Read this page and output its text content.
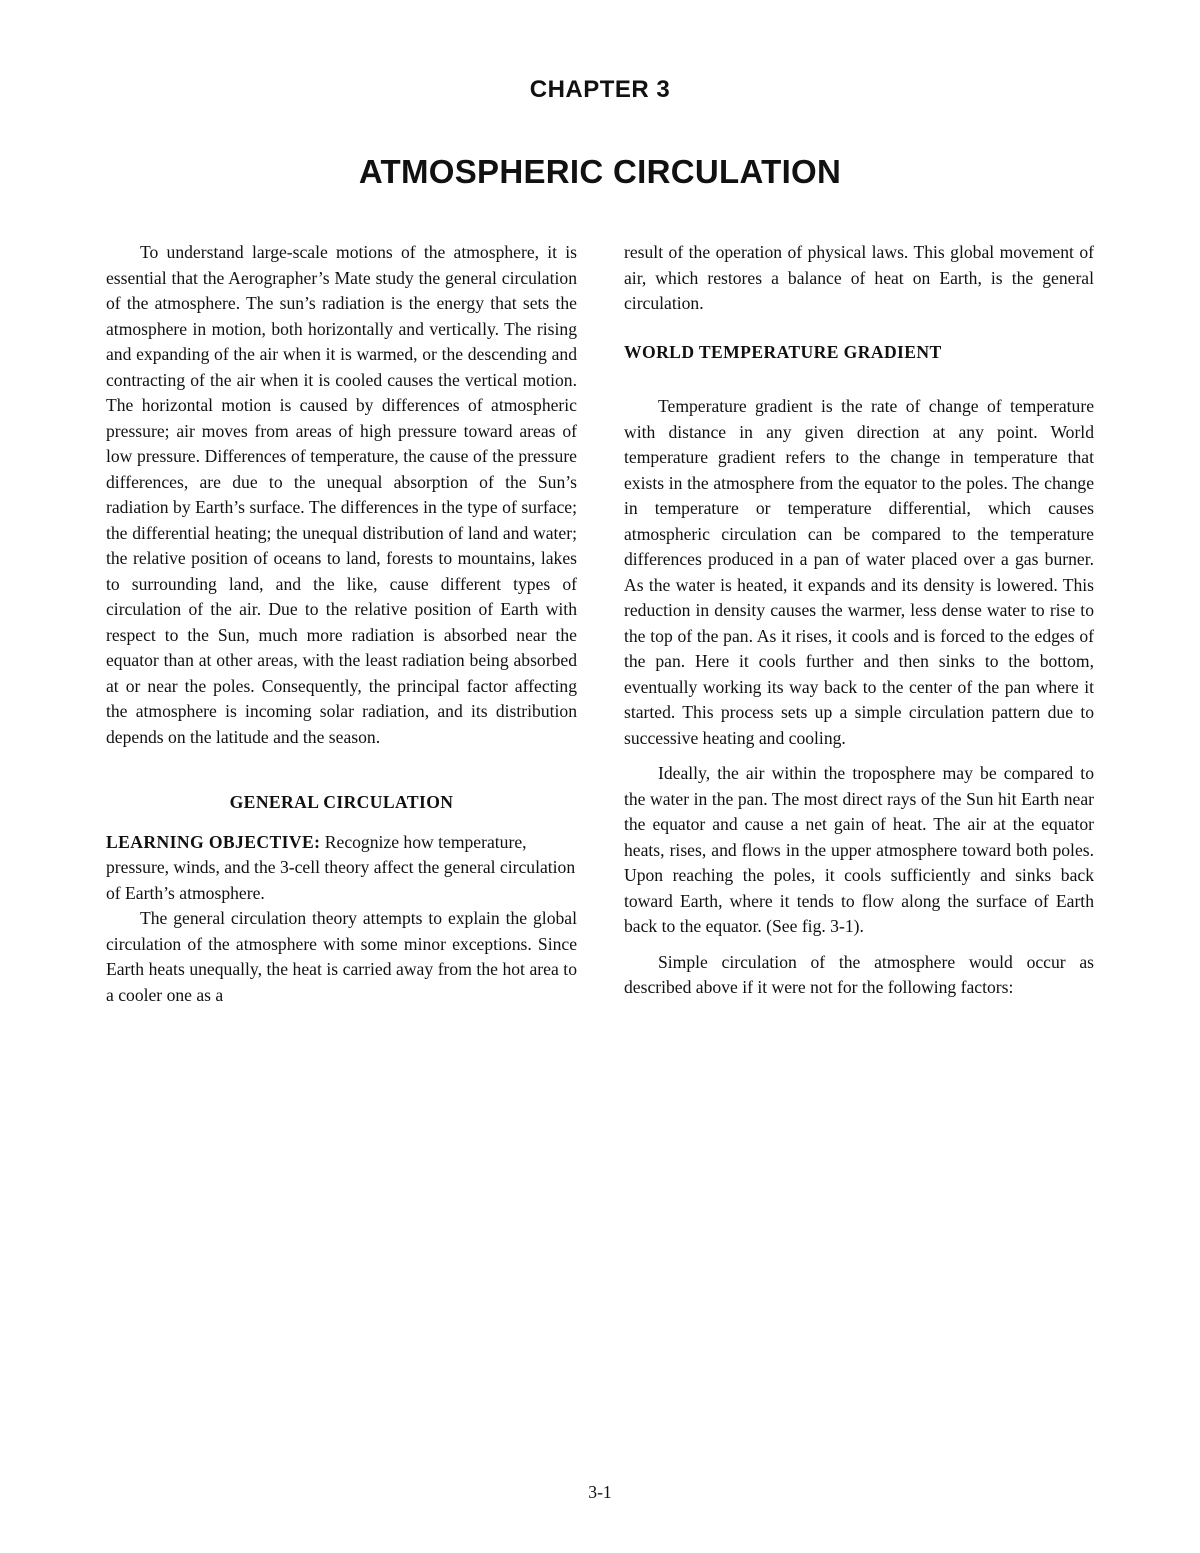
CHAPTER 3
ATMOSPHERIC CIRCULATION

To understand large-scale motions of the atmosphere, it is essential that the Aerographer’s Mate study the general circulation of the atmosphere. The sun’s radiation is the energy that sets the atmosphere in motion, both horizontally and vertically. The rising and expanding of the air when it is warmed, or the descending and contracting of the air when it is cooled causes the vertical motion. The horizontal motion is caused by differences of atmospheric pressure; air moves from areas of high pressure toward areas of low pressure. Differences of temperature, the cause of the pressure differences, are due to the unequal absorption of the Sun’s radiation by Earth’s surface. The differences in the type of surface; the differential heating; the unequal distribution of land and water; the relative position of oceans to land, forests to mountains, lakes to surrounding land, and the like, cause different types of circulation of the air. Due to the relative position of Earth with respect to the Sun, much more radiation is absorbed near the equator than at other areas, with the least radiation being absorbed at or near the poles. Consequently, the principal factor affecting the atmosphere is incoming solar radiation, and its distribution depends on the latitude and the season.

GENERAL CIRCULATION

LEARNING OBJECTIVE: Recognize how temperature, pressure, winds, and the 3-cell theory affect the general circulation of Earth’s atmosphere.

The general circulation theory attempts to explain the global circulation of the atmosphere with some minor exceptions. Since Earth heats unequally, the heat is carried away from the hot area to a cooler one as a

result of the operation of physical laws. This global movement of air, which restores a balance of heat on Earth, is the general circulation.

WORLD TEMPERATURE GRADIENT

Temperature gradient is the rate of change of temperature with distance in any given direction at any point. World temperature gradient refers to the change in temperature that exists in the atmosphere from the equator to the poles. The change in temperature or temperature differential, which causes atmospheric circulation can be compared to the temperature differences produced in a pan of water placed over a gas burner. As the water is heated, it expands and its density is lowered. This reduction in density causes the warmer, less dense water to rise to the top of the pan. As it rises, it cools and is forced to the edges of the pan. Here it cools further and then sinks to the bottom, eventually working its way back to the center of the pan where it started. This process sets up a simple circulation pattern due to successive heating and cooling.

Ideally, the air within the troposphere may be compared to the water in the pan. The most direct rays of the Sun hit Earth near the equator and cause a net gain of heat. The air at the equator heats, rises, and flows in the upper atmosphere toward both poles. Upon reaching the poles, it cools sufficiently and sinks back toward Earth, where it tends to flow along the surface of Earth back to the equator. (See fig. 3-1).

Simple circulation of the atmosphere would occur as described above if it were not for the following factors:

3-1
